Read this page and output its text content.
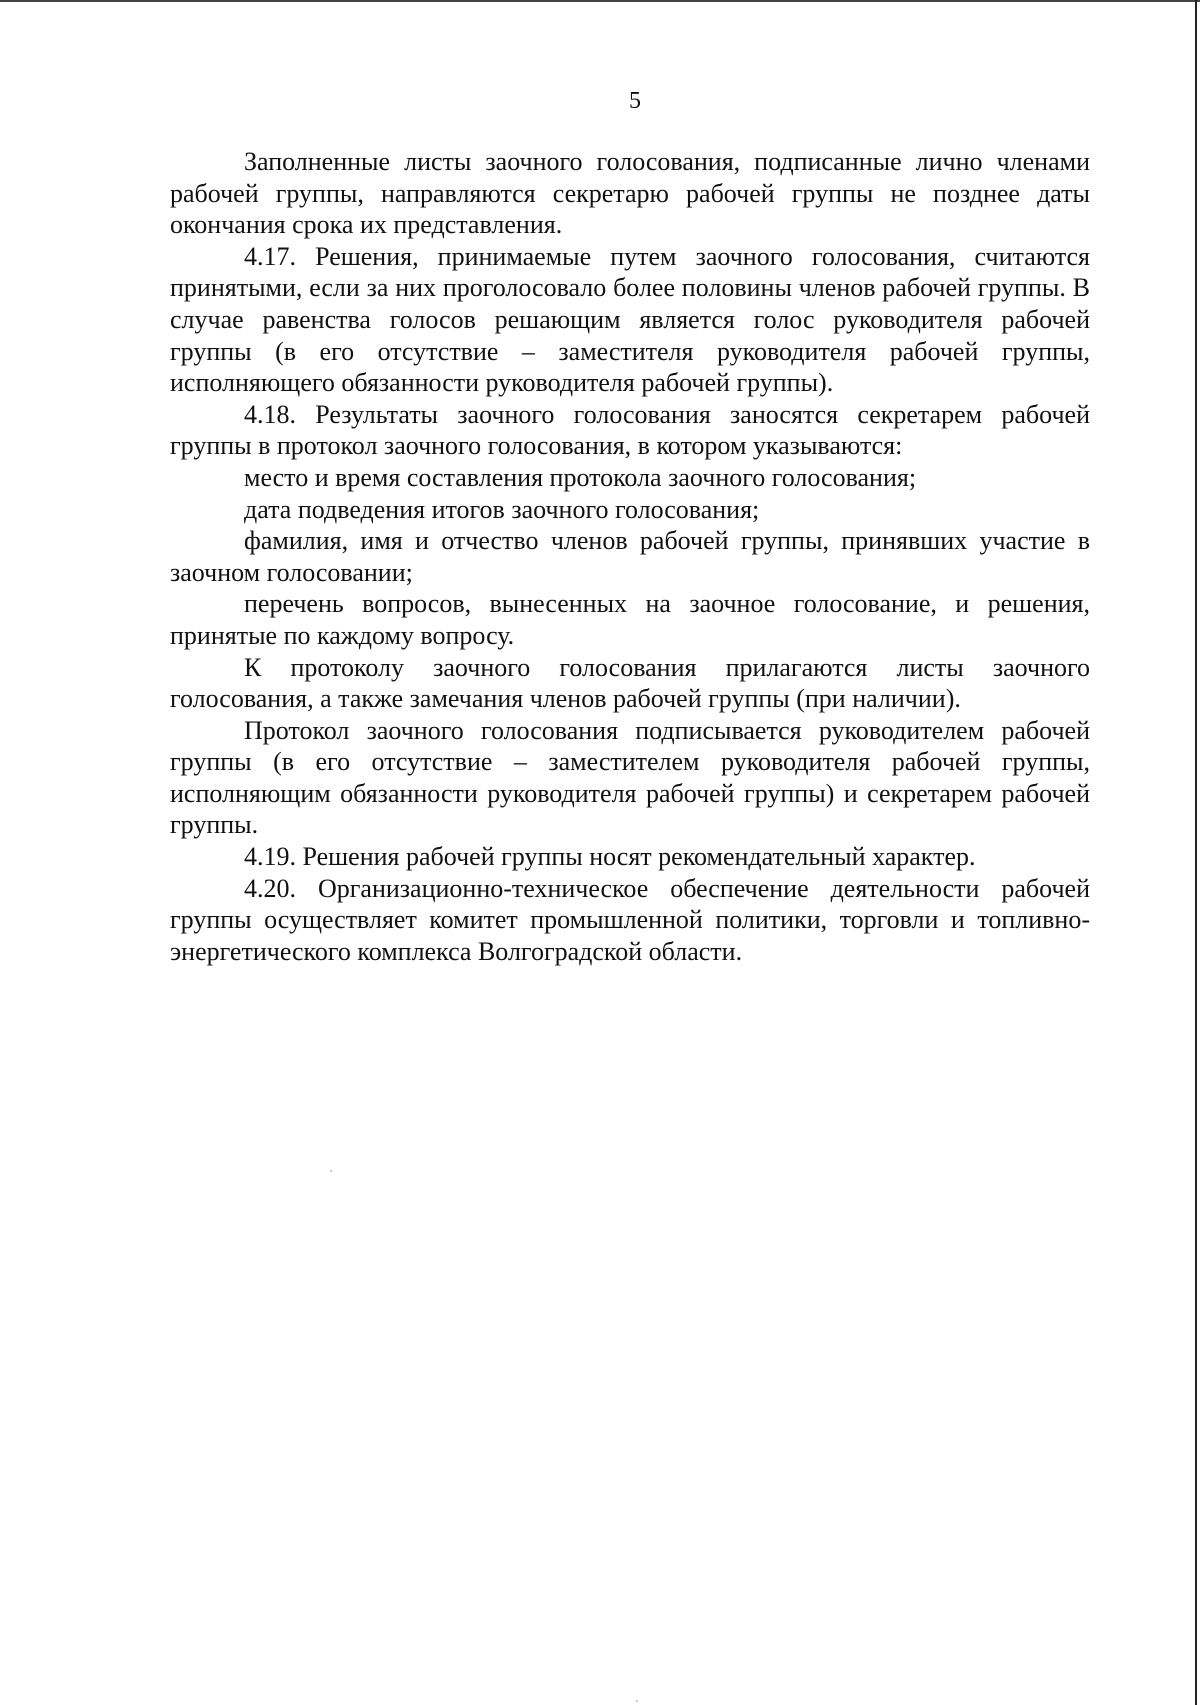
5

Заполненные листы заочного голосования, подписанные лично членами рабочей группы, направляются секретарю рабочей группы не позднее даты окончания срока их представления.

4.17. Решения, принимаемые путем заочного голосования, считаются принятыми, если за них проголосовало более половины членов рабочей группы. В случае равенства голосов решающим является голос руководителя рабочей группы (в его отсутствие – заместителя руководителя рабочей группы, исполняющего обязанности руководителя рабочей группы).

4.18. Результаты заочного голосования заносятся секретарем рабочей группы в протокол заочного голосования, в котором указываются:

место и время составления протокола заочного голосования;

дата подведения итогов заочного голосования;

фамилия, имя и отчество членов рабочей группы, принявших участие в заочном голосовании;

перечень вопросов, вынесенных на заочное голосование, и решения, принятые по каждому вопросу.

К протоколу заочного голосования прилагаются листы заочного голосования, а также замечания членов рабочей группы (при наличии).

Протокол заочного голосования подписывается руководителем рабочей группы (в его отсутствие – заместителем руководителя рабочей группы, исполняющим обязанности руководителя рабочей группы) и секретарем рабочей группы.

4.19. Решения рабочей группы носят рекомендательный характер.

4.20. Организационно-техническое обеспечение деятельности рабочей группы осуществляет комитет промышленной политики, торговли и топливно-энергетического комплекса Волгоградской области.
